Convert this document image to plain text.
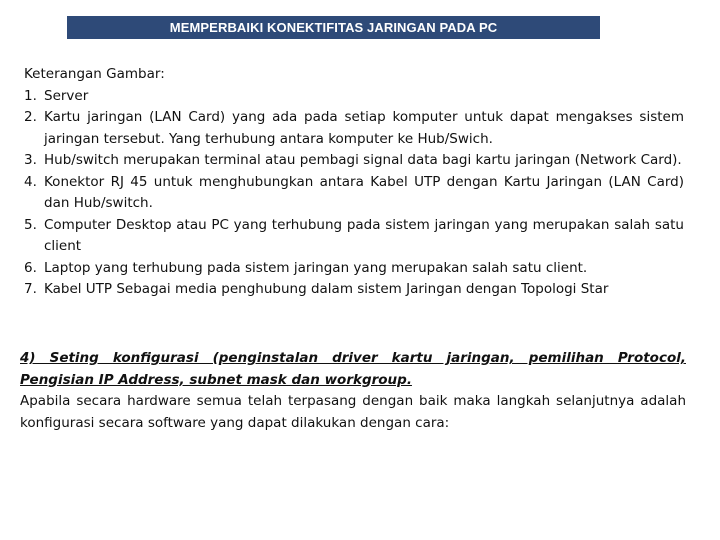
MEMPERBAIKI KONEKTIFITAS JARINGAN PADA PC

Keterangan Gambar:

1. Server
2. Kartu jaringan (LAN Card) yang ada pada setiap komputer untuk dapat mengakses sistem jaringan tersebut. Yang terhubung antara komputer ke Hub/Swich.
3. Hub/switch merupakan terminal atau pembagi signal data bagi kartu jaringan (Network Card).
4. Konektor RJ 45 untuk menghubungkan antara Kabel UTP dengan Kartu Jaringan (LAN Card) dan Hub/switch.
5. Computer Desktop atau PC yang terhubung pada sistem jaringan yang merupakan salah satu client
6. Laptop yang terhubung pada sistem jaringan yang merupakan salah satu client.
7. Kabel UTP Sebagai media penghubung dalam sistem Jaringan dengan Topologi Star

4) Seting konfigurasi (penginstalan driver kartu jaringan, pemilihan Protocol, Pengisian IP Address, subnet mask dan workgroup.

Apabila secara hardware semua telah terpasang dengan baik maka langkah selanjutnya adalah konfigurasi secara software yang dapat dilakukan dengan cara:
